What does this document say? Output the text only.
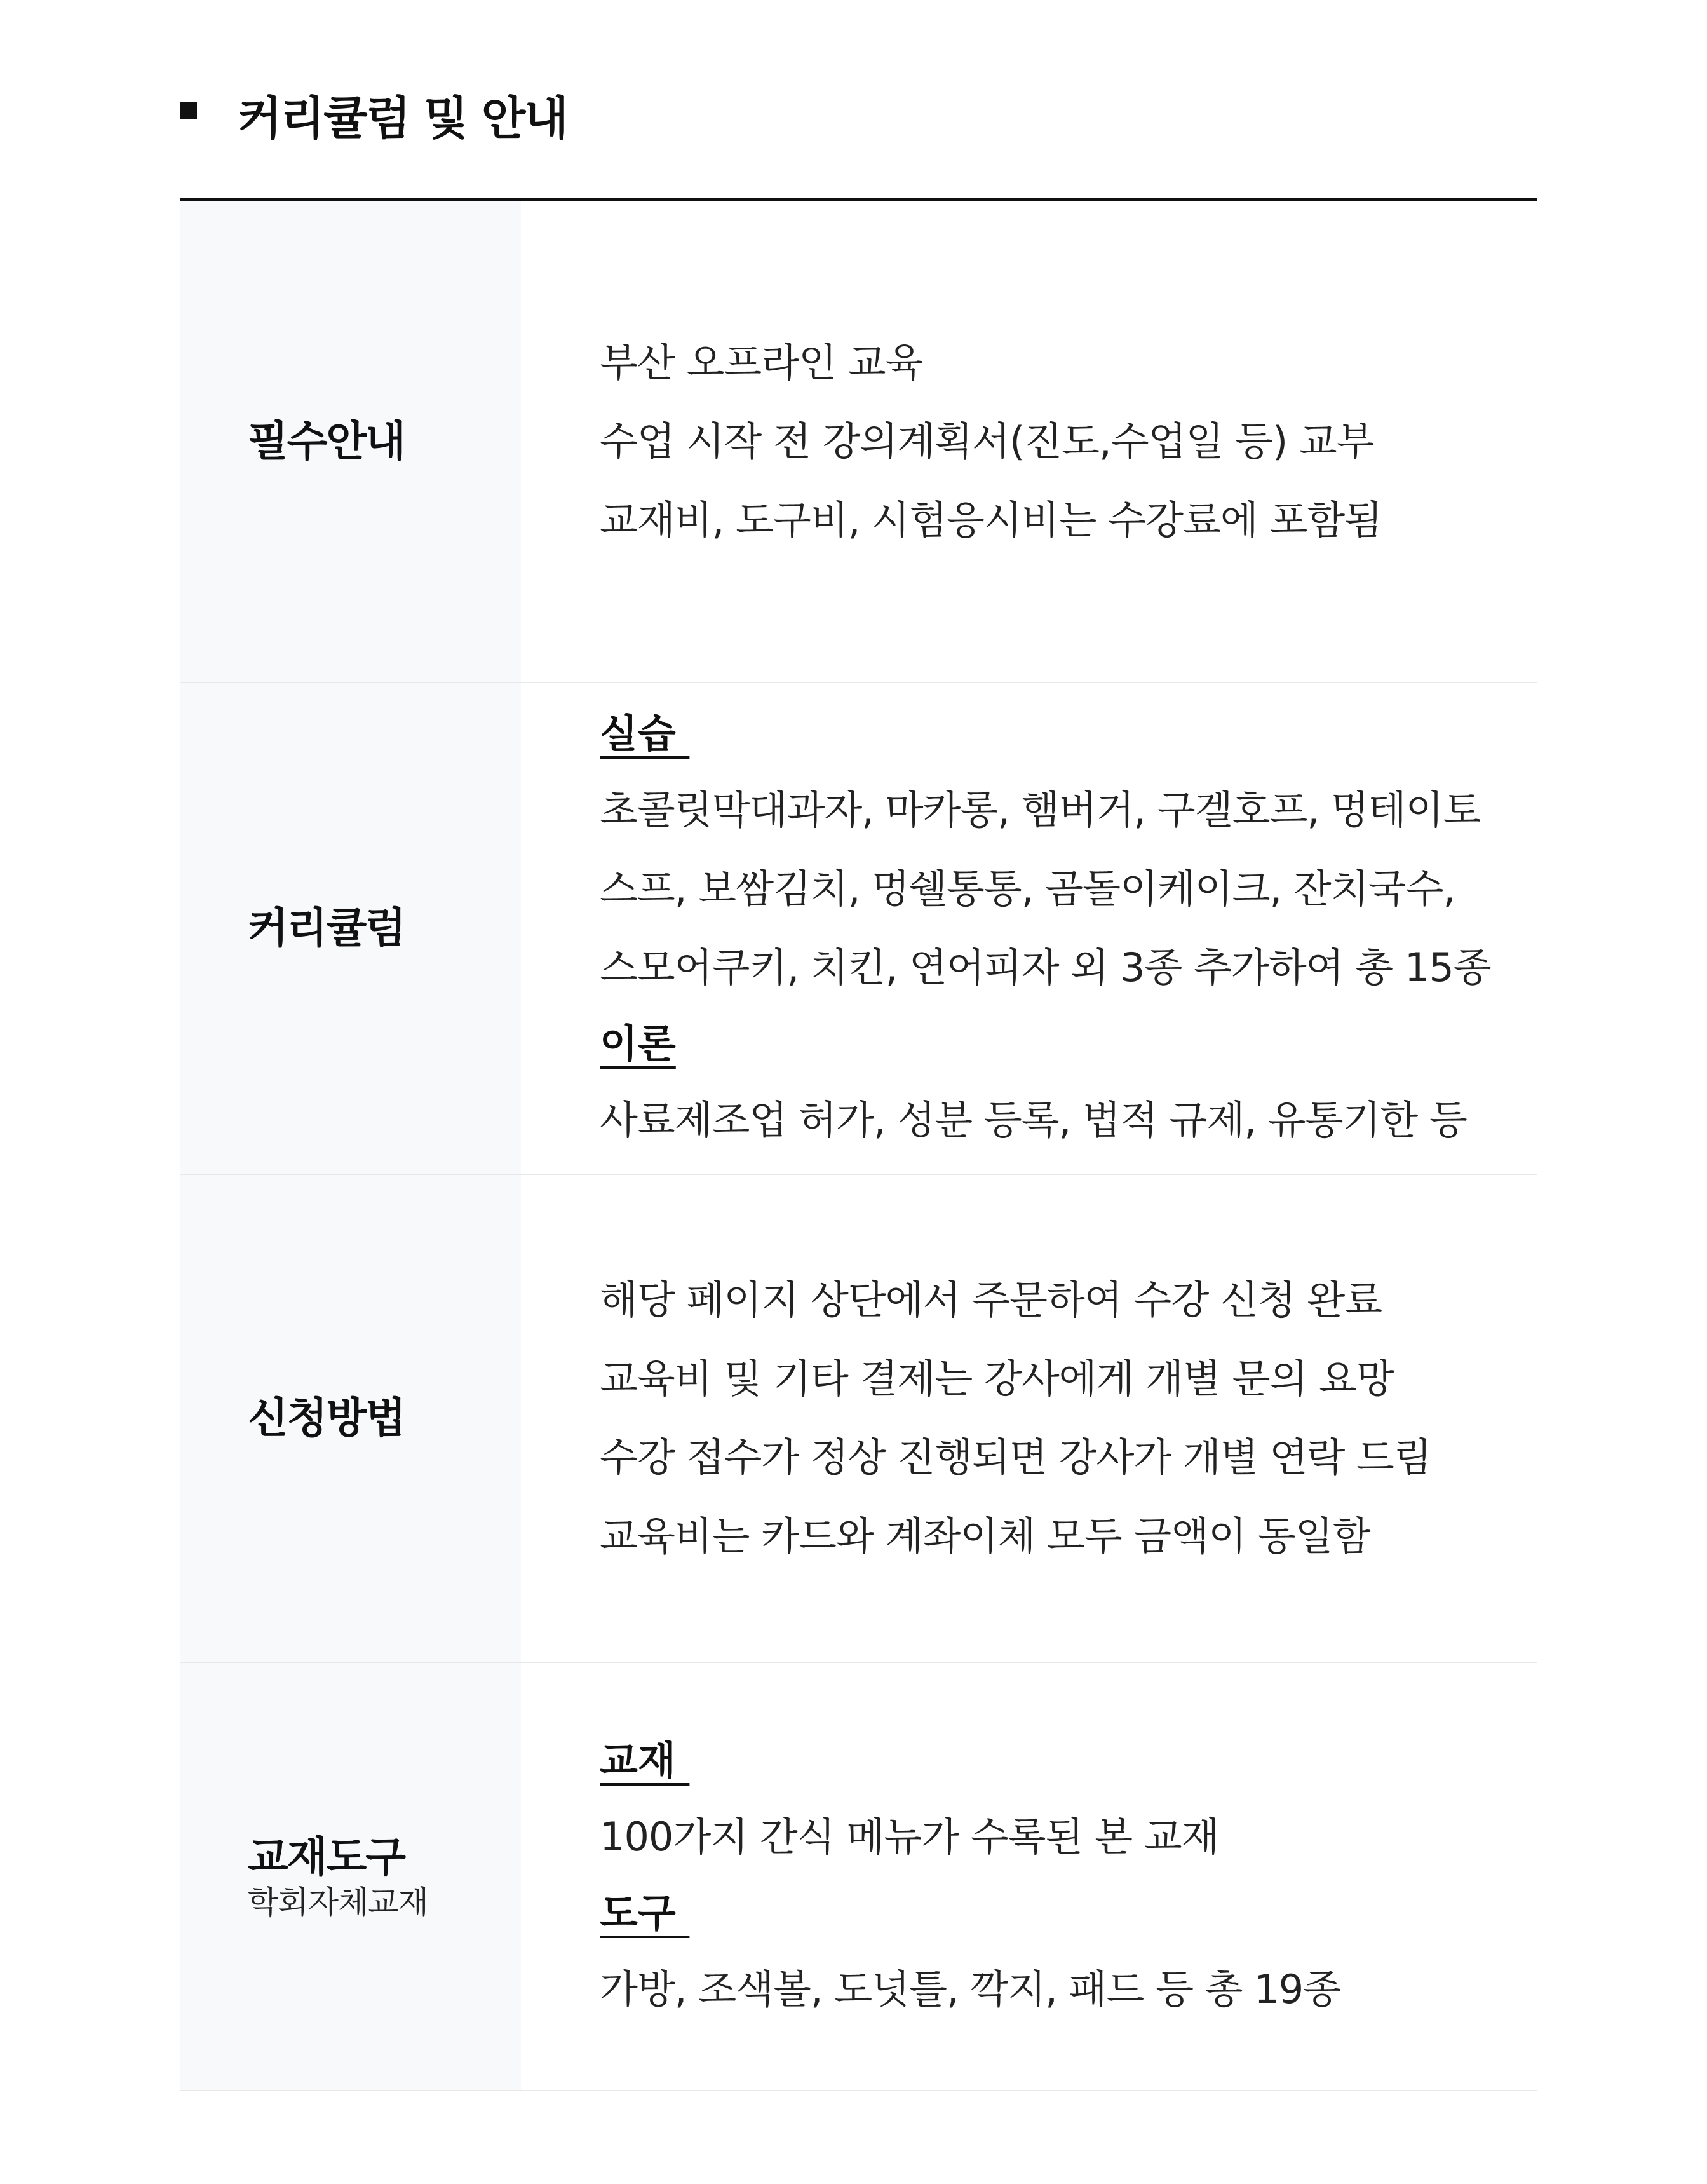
커리큘럼 및 안내
필수안내
부산 오프라인 교육
수업 시작 전 강의계획서(진도,수업일 등) 교부
교재비, 도구비, 시험응시비는 수강료에 포함됨
커리큘럼
실습
초콜릿막대과자, 마카롱, 햄버거, 구겔호프, 멍테이토
스프, 보쌈김치, 멍쉘통통, 곰돌이케이크, 잔치국수,
스모어쿠키, 치킨, 연어피자 외 3종 추가하여 총 15종
이론
사료제조업 허가, 성분 등록, 법적 규제, 유통기한 등
신청방법
해당 페이지 상단에서 주문하여 수강 신청 완료
교육비 및 기타 결제는 강사에게 개별 문의 요망
수강 접수가 정상 진행되면 강사가 개별 연락 드림
교육비는 카드와 계좌이체 모두 금액이 동일함
교재도구
학회자체교재
교재
100가지 간식 메뉴가 수록된 본 교재
도구
가방, 조색볼, 도넛틀, 깍지, 패드 등 총 19종
